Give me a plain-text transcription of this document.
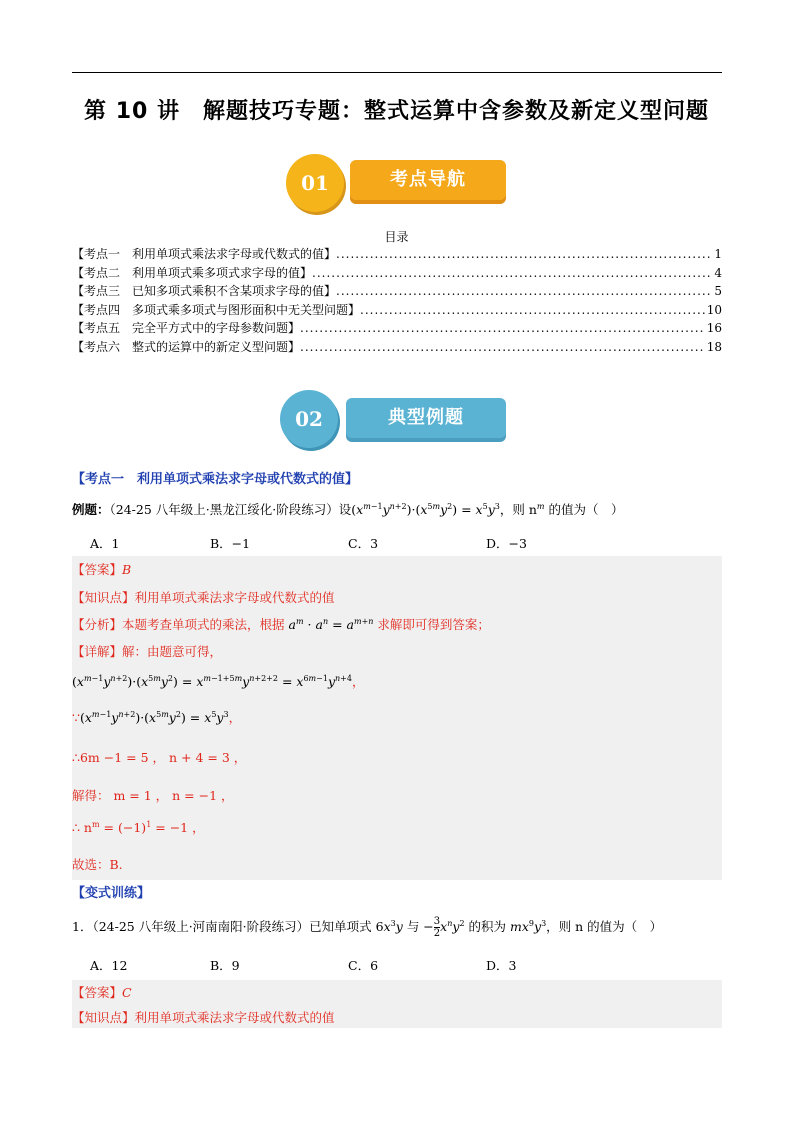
第 10 讲　解题技巧专题：整式运算中含参数及新定义型问题
考点导航
01
目录
【考点一　利用单项式乘法求字母或代数式的值】 .....	1
【考点二　利用单项式乘多项式求字母的值】 .....	4
【考点三　已知多项式乘积不含某项求字母的值】 .....	5
【考点四　多项式乘多项式与图形面积中无关型问题】 .....	10
【考点五　完全平方式中的字母参数问题】 .....	16
【考点六　整式的运算中的新定义型问题】 .....	18
典型例题
02
【考点一　利用单项式乘法求字母或代数式的值】
例题：（24-25 八年级上·黑龙江绥化·阶段练习）设$(x^{m-1}y^{n+2})\cdot(x^{5m}y^2) = x^5y^3$，则 $n^m$ 的值为（　）
A．1	B．−1	C．3	D．−3
【答案】B
【知识点】利用单项式乘法求字母或代数式的值
【分析】本题考查单项式的乘法，根据 $a^m \cdot a^n = a^{m+n}$ 求解即可得到答案；
【详解】解：由题意可得，
$(x^{m-1}y^{n+2})\cdot(x^{5m}y^2) = x^{m-1+5m}y^{n+2+2} = x^{6m-1}y^{n+4}$，
$\because(x^{m-1}y^{n+2})\cdot(x^{5m}y^2) = x^5y^3$，
∴6m −1 = 5 ， n + 4 = 3 ，
解得： m = 1 ， n = −1 ，
∴ $n^m = (-1)^1 = -1$ ，
故选：B.
【变式训练】
1．（24-25 八年级上·河南南阳·阶段练习）已知单项式 $6x^3y$ 与 −3

2 $x^ny^2$ 的积为 $mx^9y^3$，则 n 的值为（　）
A．12	B．9	C．6	D．3
【答案】C
【知识点】利用单项式乘法求字母或代数式的值
